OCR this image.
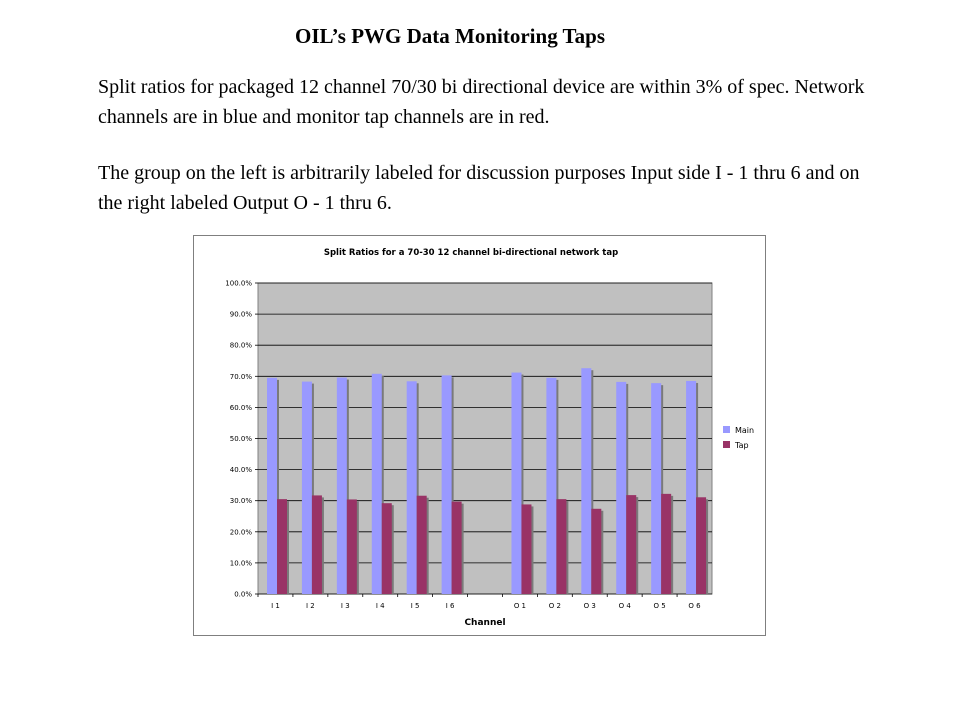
OIL’s PWG Data Monitoring Taps

Split ratios for packaged 12 channel 70/30 bi directional device are within 3% of spec. Network channels are in blue and monitor tap channels are in red.

The group on the left is arbitrarily labeled for discussion purposes Input side I - 1 thru 6 and on the right labeled Output O - 1 thru 6.

Split Ratios for a 70-30 12 channel bi-directional network tap
0.0%
10.0%
20.0%
30.0%
40.0%
50.0%
60.0%
70.0%
80.0%
90.0%
100.0%
I 1	I 2	I 3	I 4	I 5	I 6	O 1	O 2	O 3	O 4	O 5	O 6
Channel
Main
Tap
